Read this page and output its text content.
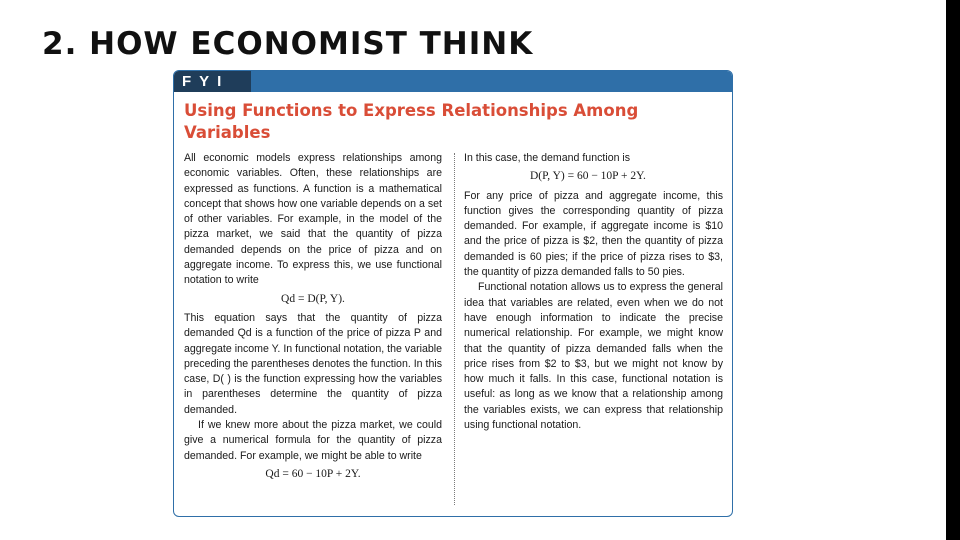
2. HOW ECONOMIST THINK
FYI
Using Functions to Express Relationships Among Variables

All economic models express relationships among economic variables. Often, these relationships are expressed as functions. A function is a mathematical concept that shows how one variable depends on a set of other variables. For example, in the model of the pizza market, we said that the quantity of pizza demanded depends on the price of pizza and on aggregate income. To express this, we use functional notation to write

Qd = D(P, Y).

This equation says that the quantity of pizza demanded Qd is a function of the price of pizza P and aggregate income Y. In functional notation, the variable preceding the parentheses denotes the function. In this case, D( ) is the function expressing how the variables in parentheses determine the quantity of pizza demanded.

If we knew more about the pizza market, we could give a numerical formula for the quantity of pizza demanded. For example, we might be able to write

Qd = 60 − 10P + 2Y.

In this case, the demand function is

D(P, Y) = 60 − 10P + 2Y.

For any price of pizza and aggregate income, this function gives the corresponding quantity of pizza demanded. For example, if aggregate income is $10 and the price of pizza is $2, then the quantity of pizza demanded is 60 pies; if the price of pizza rises to $3, the quantity of pizza demanded falls to 50 pies.

Functional notation allows us to express the general idea that variables are related, even when we do not have enough information to indicate the precise numerical relationship. For example, we might know that the quantity of pizza demanded falls when the price rises from $2 to $3, but we might not know by how much it falls. In this case, functional notation is useful: as long as we know that a relationship among the variables exists, we can express that relationship using functional notation.
